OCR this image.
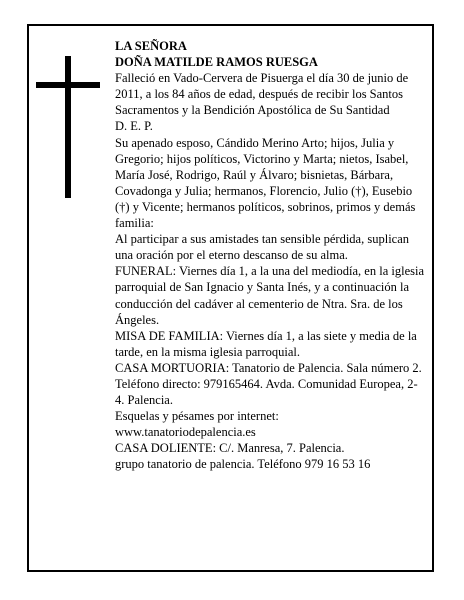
LA SEÑORA

DOÑA MATILDE RAMOS RUESGA

Falleció en Vado-Cervera de Pisuerga el día 30 de junio de 2011, a los 84 años de edad, después de recibir los Santos Sacramentos y la Bendición Apostólica de Su Santidad

D. E. P.

Su apenado esposo, Cándido Merino Arto; hijos, Julia y Gregorio; hijos políticos, Victorino y Marta; nietos, Isabel, María José, Rodrigo, Raúl y Álvaro; bisnietas, Bárbara, Covadonga y Julia; hermanos, Florencio, Julio (†), Eusebio (†) y Vicente; hermanos políticos, sobrinos, primos y demás familia:

Al participar a sus amistades tan sensible pérdida, suplican una oración por el eterno descanso de su alma.

FUNERAL: Viernes día 1, a la una del mediodía, en la iglesia parroquial de San Ignacio y Santa Inés, y a continuación la conducción del cadáver al cementerio de Ntra. Sra. de los Ángeles.

MISA DE FAMILIA: Viernes día 1, a las siete y media de la tarde, en la misma iglesia parroquial.

CASA MORTUORIA: Tanatorio de Palencia. Sala número 2. Teléfono directo: 979165464. Avda. Comunidad Europea, 2-4. Palencia.

Esquelas y pésames por internet:

www.tanatoriodepalencia.es

CASA DOLIENTE: C/. Manresa, 7. Palencia.

grupo tanatorio de palencia. Teléfono 979 16 53 16
